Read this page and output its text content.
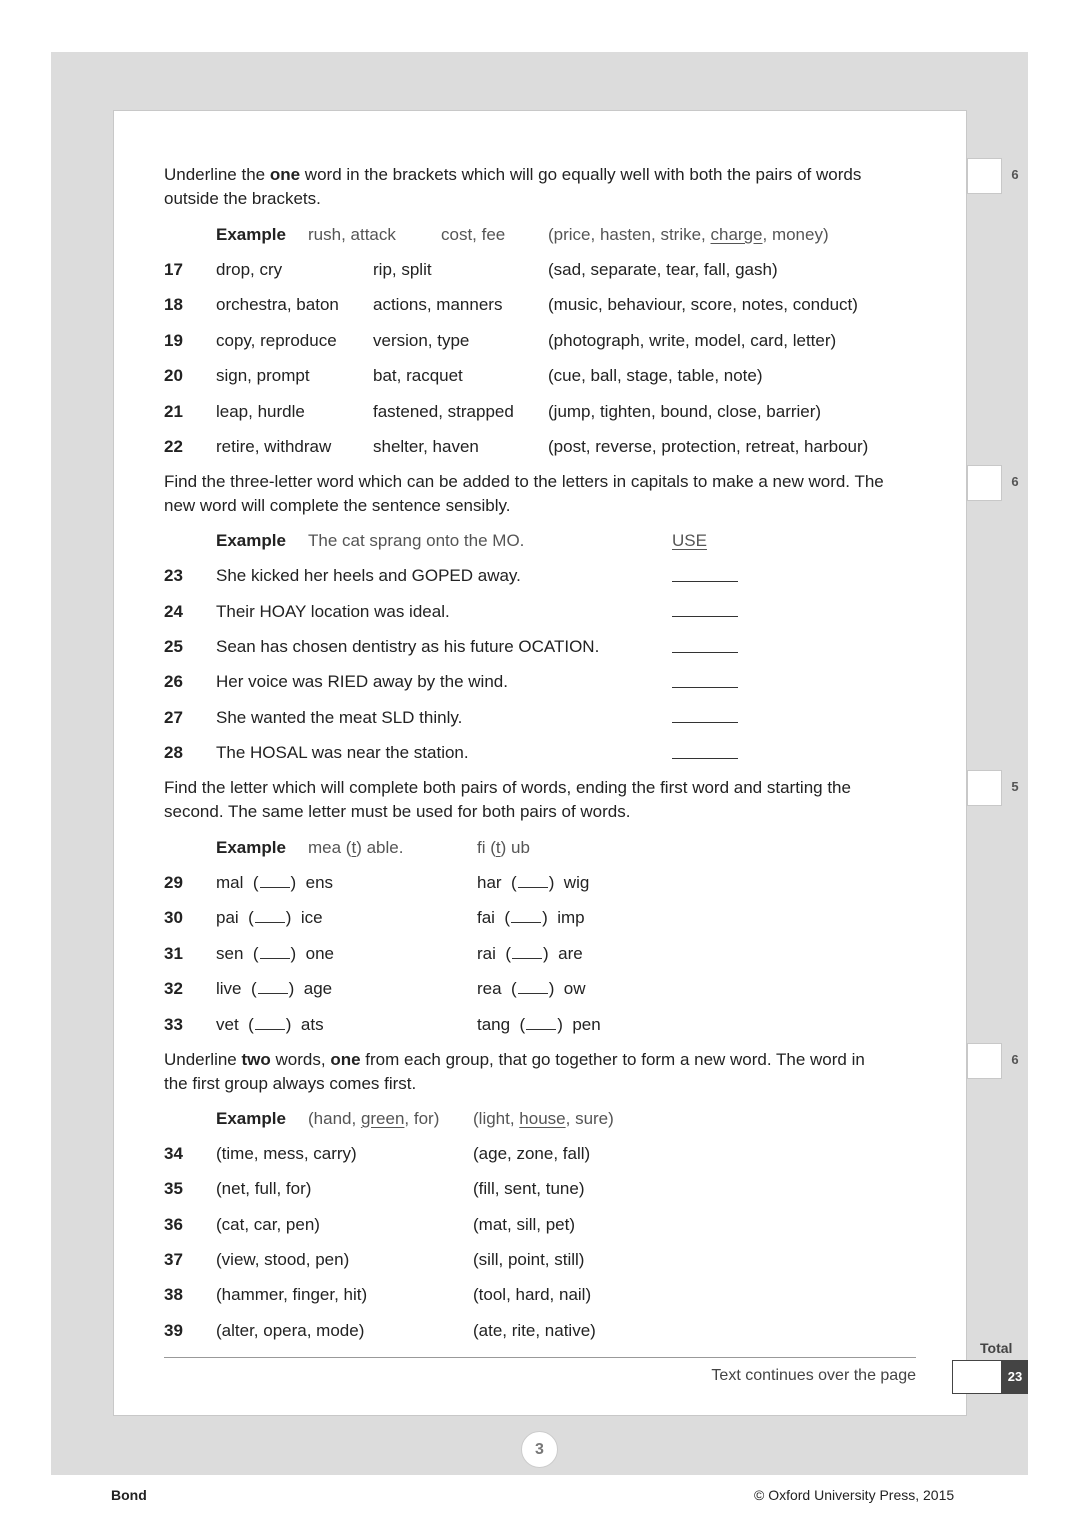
Underline the one word in the brackets which will go equally well with both the pairs of words outside the brackets.
Example rush, attack	cost, fee	(price, hasten, strike, charge, money)
17 drop, cry	rip, split	(sad, separate, tear, fall, gash)
18 orchestra, baton actions, manners	(music, behaviour, score, notes, conduct)
19 copy, reproduce version, type	(photograph, write, model, card, letter)
20 sign, prompt	bat, racquet	(cue, ball, stage, table, note)
21 leap, hurdle	fastened, strapped (jump, tighten, bound, close, barrier)
22 retire, withdraw shelter, haven	(post, reverse, protection, retreat, harbour)
Find the three-letter word which can be added to the letters in capitals to make a new word. The new word will complete the sentence sensibly.
Example The cat sprang onto the MO.	USE
23 She kicked her heels and GOPED away.
24 Their HOAY location was ideal.
25 Sean has chosen dentistry as his future OCATION.
26 Her voice was RIED away by the wind.
27 She wanted the meat SLD thinly.
28 The HOSAL was near the station.
Find the letter which will complete both pairs of words, ending the first word and starting the second. The same letter must be used for both pairs of words.
Example mea (t) able.	fi (t) ub
29 mal  ( )  ens	har  ( )  wig
30 pai  ( )  ice	fai  ( )  imp
31 sen  ( )  one	rai  ( )  are
32 live  ( )  age	rea  ( )  ow
33 vet  ( )  ats	tang  ( )  pen
Underline two words, one from each group, that go together to form a new word. The word in the first group always comes first.
Example (hand, green, for) (light, house, sure)
34 (time, mess, carry)	(age, zone, fall)
35 (net, full, for)	(fill, sent, tune)
36 (cat, car, pen)	(mat, sill, pet)
37 (view, stood, pen)	(sill, point, still)
38 (hammer, finger, hit)	(tool, hard, nail)
39 (alter, opera, mode)	(ate, rite, native)
6
6
5
6
Text continues over the page
Total
23
3
Bond	© Oxford University Press, 2015
